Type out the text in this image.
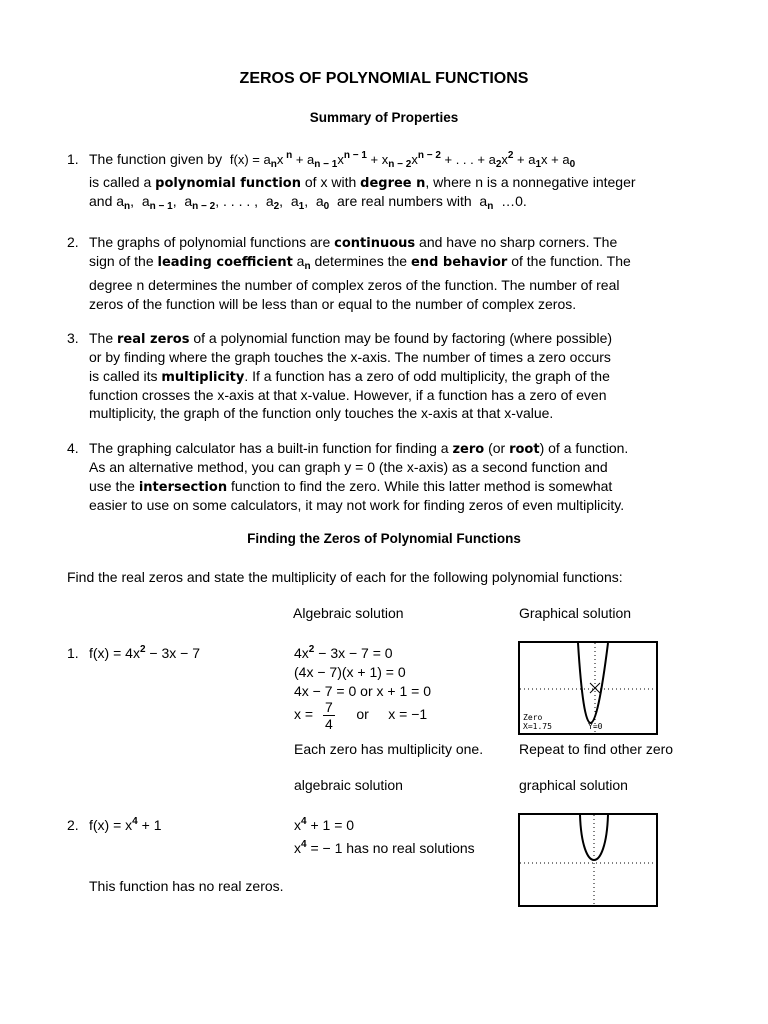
ZEROS OF POLYNOMIAL FUNCTIONS
Summary of Properties
1. The function given by $f(x) = a_nx$ $^n + a_{n - 1}x^{n - 1} + x_{n - 2}x^{n - 2}$ + . . . + $a_2x^2 + a_1x + a_0$
is called a polynomial function of x with degree n, where n is a nonnegative integer
and $a_n$,  $a_{n - 1}$,  $a_{n - 2}$, . . . . ,  $a_2$,  $a_1$,  $a_0$ are real numbers with  $a_n$ …0.
2. The graphs of polynomial functions are continuous and have no sharp corners. The
sign of the leading coefficient $a_n$ determines the end behavior of the function. The
degree n determines the number of complex zeros of the function. The number of real
zeros of the function will be less than or equal to the number of complex zeros.
3. The real zeros of a polynomial function may be found by factoring (where possible)
or by finding where the graph touches the x-axis. The number of times a zero occurs
is called its multiplicity. If a function has a zero of odd multiplicity, the graph of the
function crosses the x-axis at that x-value. However, if a function has a zero of even
multiplicity, the graph of the function only touches the x-axis at that x-value.
4. The graphing calculator has a built-in function for finding a zero (or root) of a function.
As an alternative method, you can graph y = 0 (the x-axis) as a second function and
use the intersection function to find the zero. While this latter method is somewhat
easier to use on some calculators, it may not work for finding zeros of even multiplicity.
Finding the Zeros of Polynomial Functions
Find the real zeros and state the multiplicity of each for the following polynomial functions:
Algebraic solution	Graphical solution
1. $f(x) = 4x^2 - 3x - 7$	$4x^2 - 3x - 7 = 0$
(4x − 7)(x + 1) = 0
4x − 7 = 0 or x + 1 = 0
$x = \frac{7}{4}$ or x = −1
Each zero has multiplicity one.	Repeat to find other zero
Zero
X=1.75	Y=0
algebraic solution	graphical solution
2. $f(x) = x^4 + 1$	$x^4 + 1 = 0$
$x^4$ = − 1 has no real solutions
This function has no real zeros.
